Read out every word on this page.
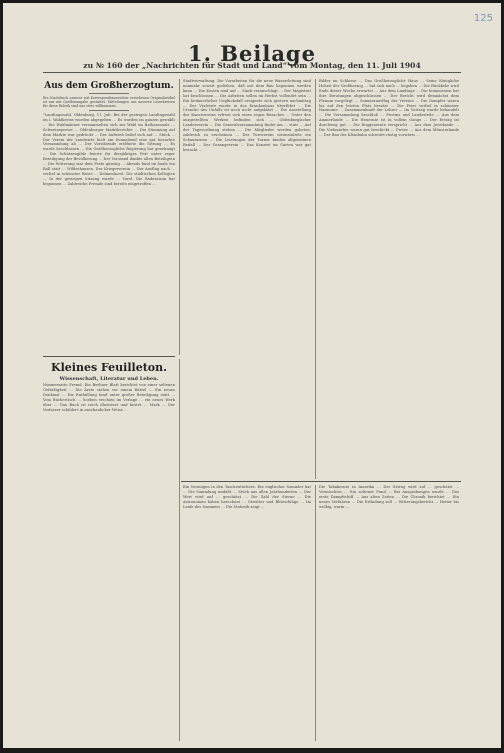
125
1. Beilage
zu № 160 der „Nachrichten für Stadt und Land“ vom Montag, den 11. Juli 1904
Aus dem Großherzogtum.
Ein Nachdruck unserer mit Korrespondenzzeichen versehenen Originalartikel ist nur mit Quellenangabe gestattet. Mitteilungen aus unseren Leserkreisen für diese Rubrik sind uns stets willkommen.
"Landtagswahl. Oldenburg, 11. Juli. Bei der gestrigen Landtagswahl im I. Wahlkreise wurden abgegeben ... Es wurden im ganzen gewählt ... Die Wahlmänner versammelten sich zur Wahl im Rathaussaale ... Schweinepreise ... Oldenburger Marktberichte ... Die Stimmung auf dem Markte war gedrückt ... Der Auftrieb belief sich auf ... Stück ... Der Verein der Landwirte hielt am Sonnabend eine gut besuchte Versammlung ab ... Der Vorsitzende eröffnete die Sitzung ... Es wurde beschlossen ... Die Großherzogliche Regierung hat genehmigt ... Die Schützengilde feierte ihr diesjähriges Fest unter reger Beteiligung der Bevölkerung ... Der Vorstand dankte allen Beteiligten ... Die Witterung war dem Feste günstig ... Abends fand im Saale ein Ball statt ... Wildeshausen. Der Kriegerverein ... Der Ausflug nach ... verlief in schönster Weise ... Delmenhorst. Die städtischen Kollegien ... In der gestrigen Sitzung wurde ... Varel. Die Badesaison hat begonnen ... Zahlreiche Fremde sind bereits eingetroffen ...
Stadtverwaltung. Die Vorarbeiten für die neue Wasserleitung sind nunmehr soweit gediehen, daß mit dem Bau begonnen werden kann ... Die Kosten sind auf ... Mark veranschlagt ... Der Magistrat hat beschlossen ... Die Arbeiten sollen im Herbst vollendet sein ... Ein bedauerlicher Unglücksfall ereignete sich gestern nachmittag ... Der Verletzte wurde in das Krankenhaus überführt ... Die Ursache des Unfalls ist noch nicht aufgeklärt ... Die Ausstellung des Kunstvereins erfreut sich eines regen Besuches ... Unter den ausgestellten Werken befinden sich ... Oldenburgischer Landesverein ... Die Generalversammlung findet am ... statt ... Auf der Tagesordnung stehen ... Die Mitglieder werden gebeten, zahlreich zu erscheinen ... Der Turnverein veranstaltete ein Schauturnen ... Die Leistungen der Turner fanden allgemeinen Beifall ... Der Gesangverein ... Das Konzert im Garten war gut besucht ...
Bilder im Schlosse ... Das Großherzogliche Haus ... Seine Königliche Hoheit der Großherzog ... hat sich nach ... begeben ... Die Rückkehr wird Ende dieser Woche erwartet ... Aus dem Landtage ... Die Kommission hat ihre Beratungen abgeschlossen ... Der Bericht wird demnächst dem Plenum vorgelegt ... Sommerausflug der Vereine ... Die Dampfer waren bis auf den letzten Platz besetzt ... Die Feier verlief in schönster Harmonie ... Zusammenkunft der Lehrer ... Im Vortrag wurde behandelt ... Die Versammlung beschloß ... Provinz und Landesteile ... Aus dem Ammerlande ... Die Heuernte ist in vollem Gange ... Der Ertrag ist durchweg gut ... Die Roggenernte verspricht ... Aus dem Jeverlande ... Die Viehmärkte waren gut beschickt ... Preise ... Aus dem Münsterlande ... Der Bau der Kleinbahn schreitet rüstig vorwärts ...
Kleines Feuilleton.
Wissenschaft, Literatur und Leben.
Nimmersatte Fremd. Ein Berliner Blatt berichtet von einer seltenen Gefräßigkeit ... Die Ärzte stehen vor einem Rätsel ... Ein neues Denkmal ... Die Enthüllung fand unter großer Beteiligung statt ... Vom Büchertisch ... Soeben erschien im Verlage ... ein neues Werk über ... Das Buch ist reich illustriert und kostet ... Mark ... Der Verfasser schildert in anschaulicher Weise ...
Ein Vermögen in den Taschentüchern. Ein englischer Sammler hat ... Die Sammlung umfaßt ... Stück aus allen Jahrhunderten ... Der Wert wird auf ... geschätzt ... Die Zahl der Sterne ... Die Astronomen haben berechnet ... Gewitter und Blitzschläge ... Im Laufe des Sommers ... Die Statistik zeigt ...
Die Tabakernte in Amerika ... Der Ertrag wird auf ... geschätzt ... Vermischtes ... Ein seltener Fund ... Bei Ausgrabungen wurde ... Das erste Dampfschiff ... Aus alten Zeiten ... Die Chronik berichtet ... Ein neues Verfahren ... Die Erfindung soll ... Witterungsbericht ... Heiter bis wolkig, warm ...
